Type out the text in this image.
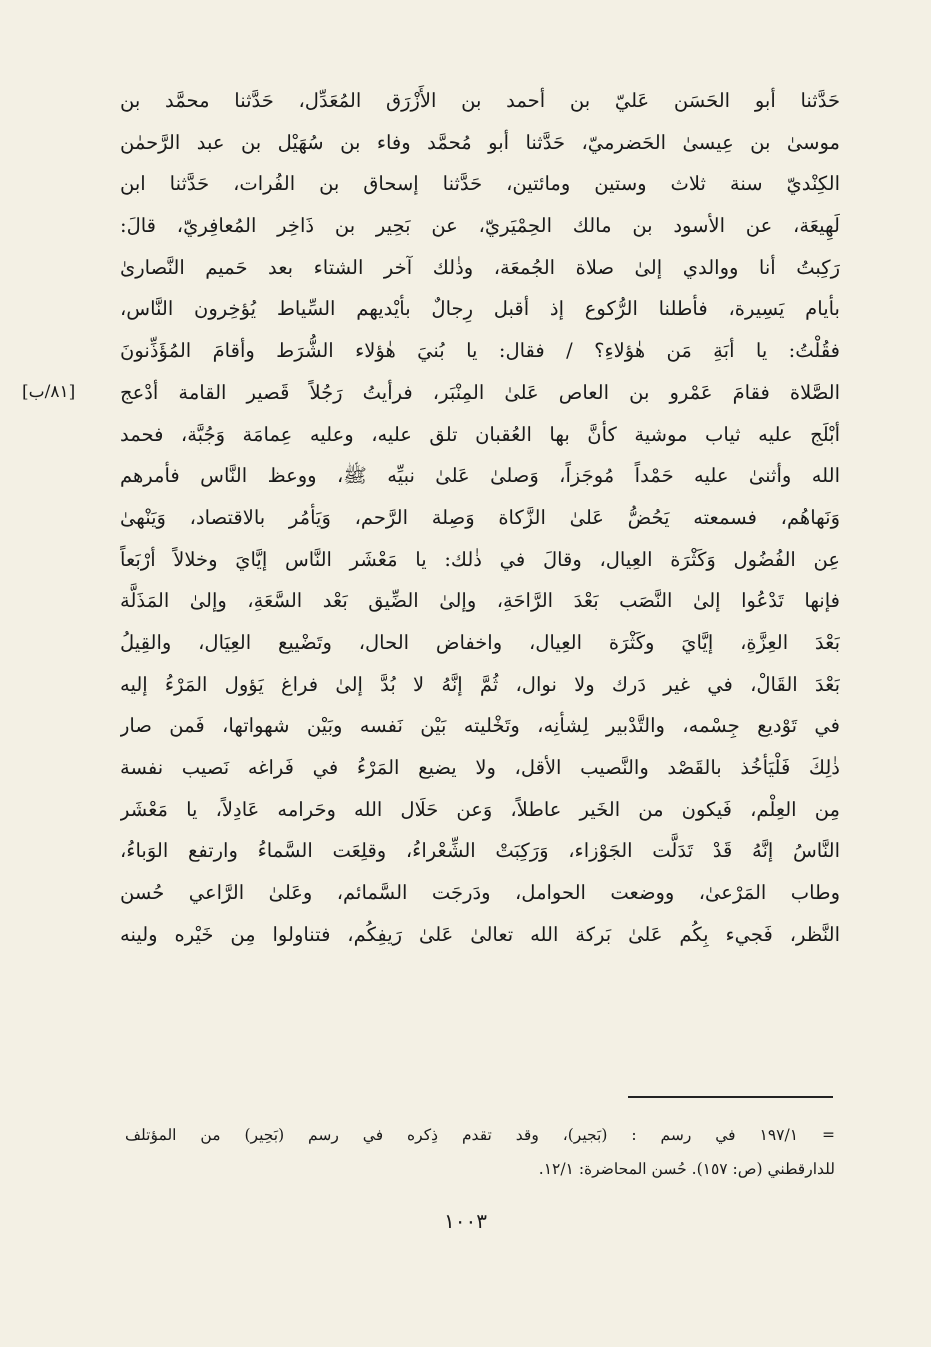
حَدَّثنا أبو الحَسَن عَليّ بن أحمد بن الأَزْرَق المُعَدِّل، حَدَّثنا محمَّد بن
موسىٰ بن عِيسىٰ الحَضرميّ، حَدَّثنا أبو مُحمَّد وفاء بن سُهَيْل بن عبد الرَّحمٰن
الكِنْديّ سنة ثلاث وستين ومائتين، حَدَّثنا إسحاق بن الفُرات، حَدَّثنا ابن
لَهِيعَة، عن الأسود بن مالك الحِمْيَريّ، عن بَحِير بن ذَاخِر المُعافِريّ، قالَ:
رَكِبتُ أنا ووالدي إلىٰ صلاة الجُمعَة، وذٰلك آخر الشتاء بعد حَميم النَّصارىٰ
بأيام يَسِيرة، فأطلنا الرُّكوع إذ أقبل رِجالٌ بأيْديهم السِّياط يُؤخِرون النَّاس،
فقُلْتُ: يا أبَةِ مَن هٰؤلاءِ؟ / فقال: يا بُنيَ هٰؤلاء الشُّرَط وأقامَ المُؤَذِّنونَ
الصَّلاة فقامَ عَمْرو بن العاص عَلىٰ المِنْبَر، فرأيتُ رَجُلاً قَصير القامة أدْعج
أبْلَج عليه ثياب موشية كأنَّ بها العُقبان تلق عليه، وعليه عِمامَة وَجُبَّة، فحمد
الله وأثنىٰ عليه حَمْداً مُوجَزاً، وَصلىٰ عَلىٰ نبيِّه ﷺ، ووعظ النَّاس فأمرهم
وَنَهاهُم، فسمعته يَحُضُّ عَلىٰ الزَّكاة وَصِلة الرَّحم، وَيَأمُر بالاقتصاد، وَيَنْهىٰ
عِن الفُضُول وَكَثْرَة العِيال، وقالَ في ذٰلك: يا مَعْشَر النَّاس إيَّايَ وخلالاً أرْبَعاً
فإنها تَدْعُوا إلىٰ النَّصَب بَعْدَ الرَّاحَةِ، وإلىٰ الضِّيق بَعْد السَّعَةِ، وإلىٰ المَذَلَّة
بَعْدَ العِزَّةِ، إيَّايَ وكَثْرَة العِيال، واخفاض الحال، وتَضْييع العِيَال، والقِيلُ
بَعْدَ القَالْ، في غير دَرك ولا نوال، ثُمَّ إنَّهُ لا بُدَّ إلىٰ فراغ يَؤول المَرْءُ إليه
في تَوْديع جِسْمه، والتَّدْبير لِشأنِه، وتَخْليته بَيْن نَفسه وبَيْن شهواتها، فَمن صار
ذٰلِكَ فَلْيَأخُذ بالقَصْد والنَّصيب الأقل، ولا يضيع المَرْءُ في فَراغه نَصيب نفسة
مِن العِلْم، فَيكون من الخَير عاطلاً، وَعن حَلَال الله وحَرامه عَادِلاً، يا مَعْشَر
النَّاسُ إنَّهُ قَدْ تَدَلَّت الجَوْزاء، وَرَكِبَتْ الشِّعْراءُ، وقلِعَت السَّماءُ وارتفع الوَباءُ،
وطاب المَرْعىٰ، ووضعت الحوامل، ودَرجَت السَّمائم، وعَلىٰ الرَّاعي حُسن
النَّظر، فَجيء بِكُم عَلىٰ بَركة الله تعالىٰ عَلىٰ رَيفِكُم، فتناولوا مِن خَيْره ولينه
[٨١/ب]
= ١٩٧/١ في رسم : (بَجير)، وقد تقدم ذِكره في رسم (بَحِير) من المؤتلف
للدارقطني (ص: ١٥٧). حُسن المحاضرة: ١٢/١.
١٠٠٣
